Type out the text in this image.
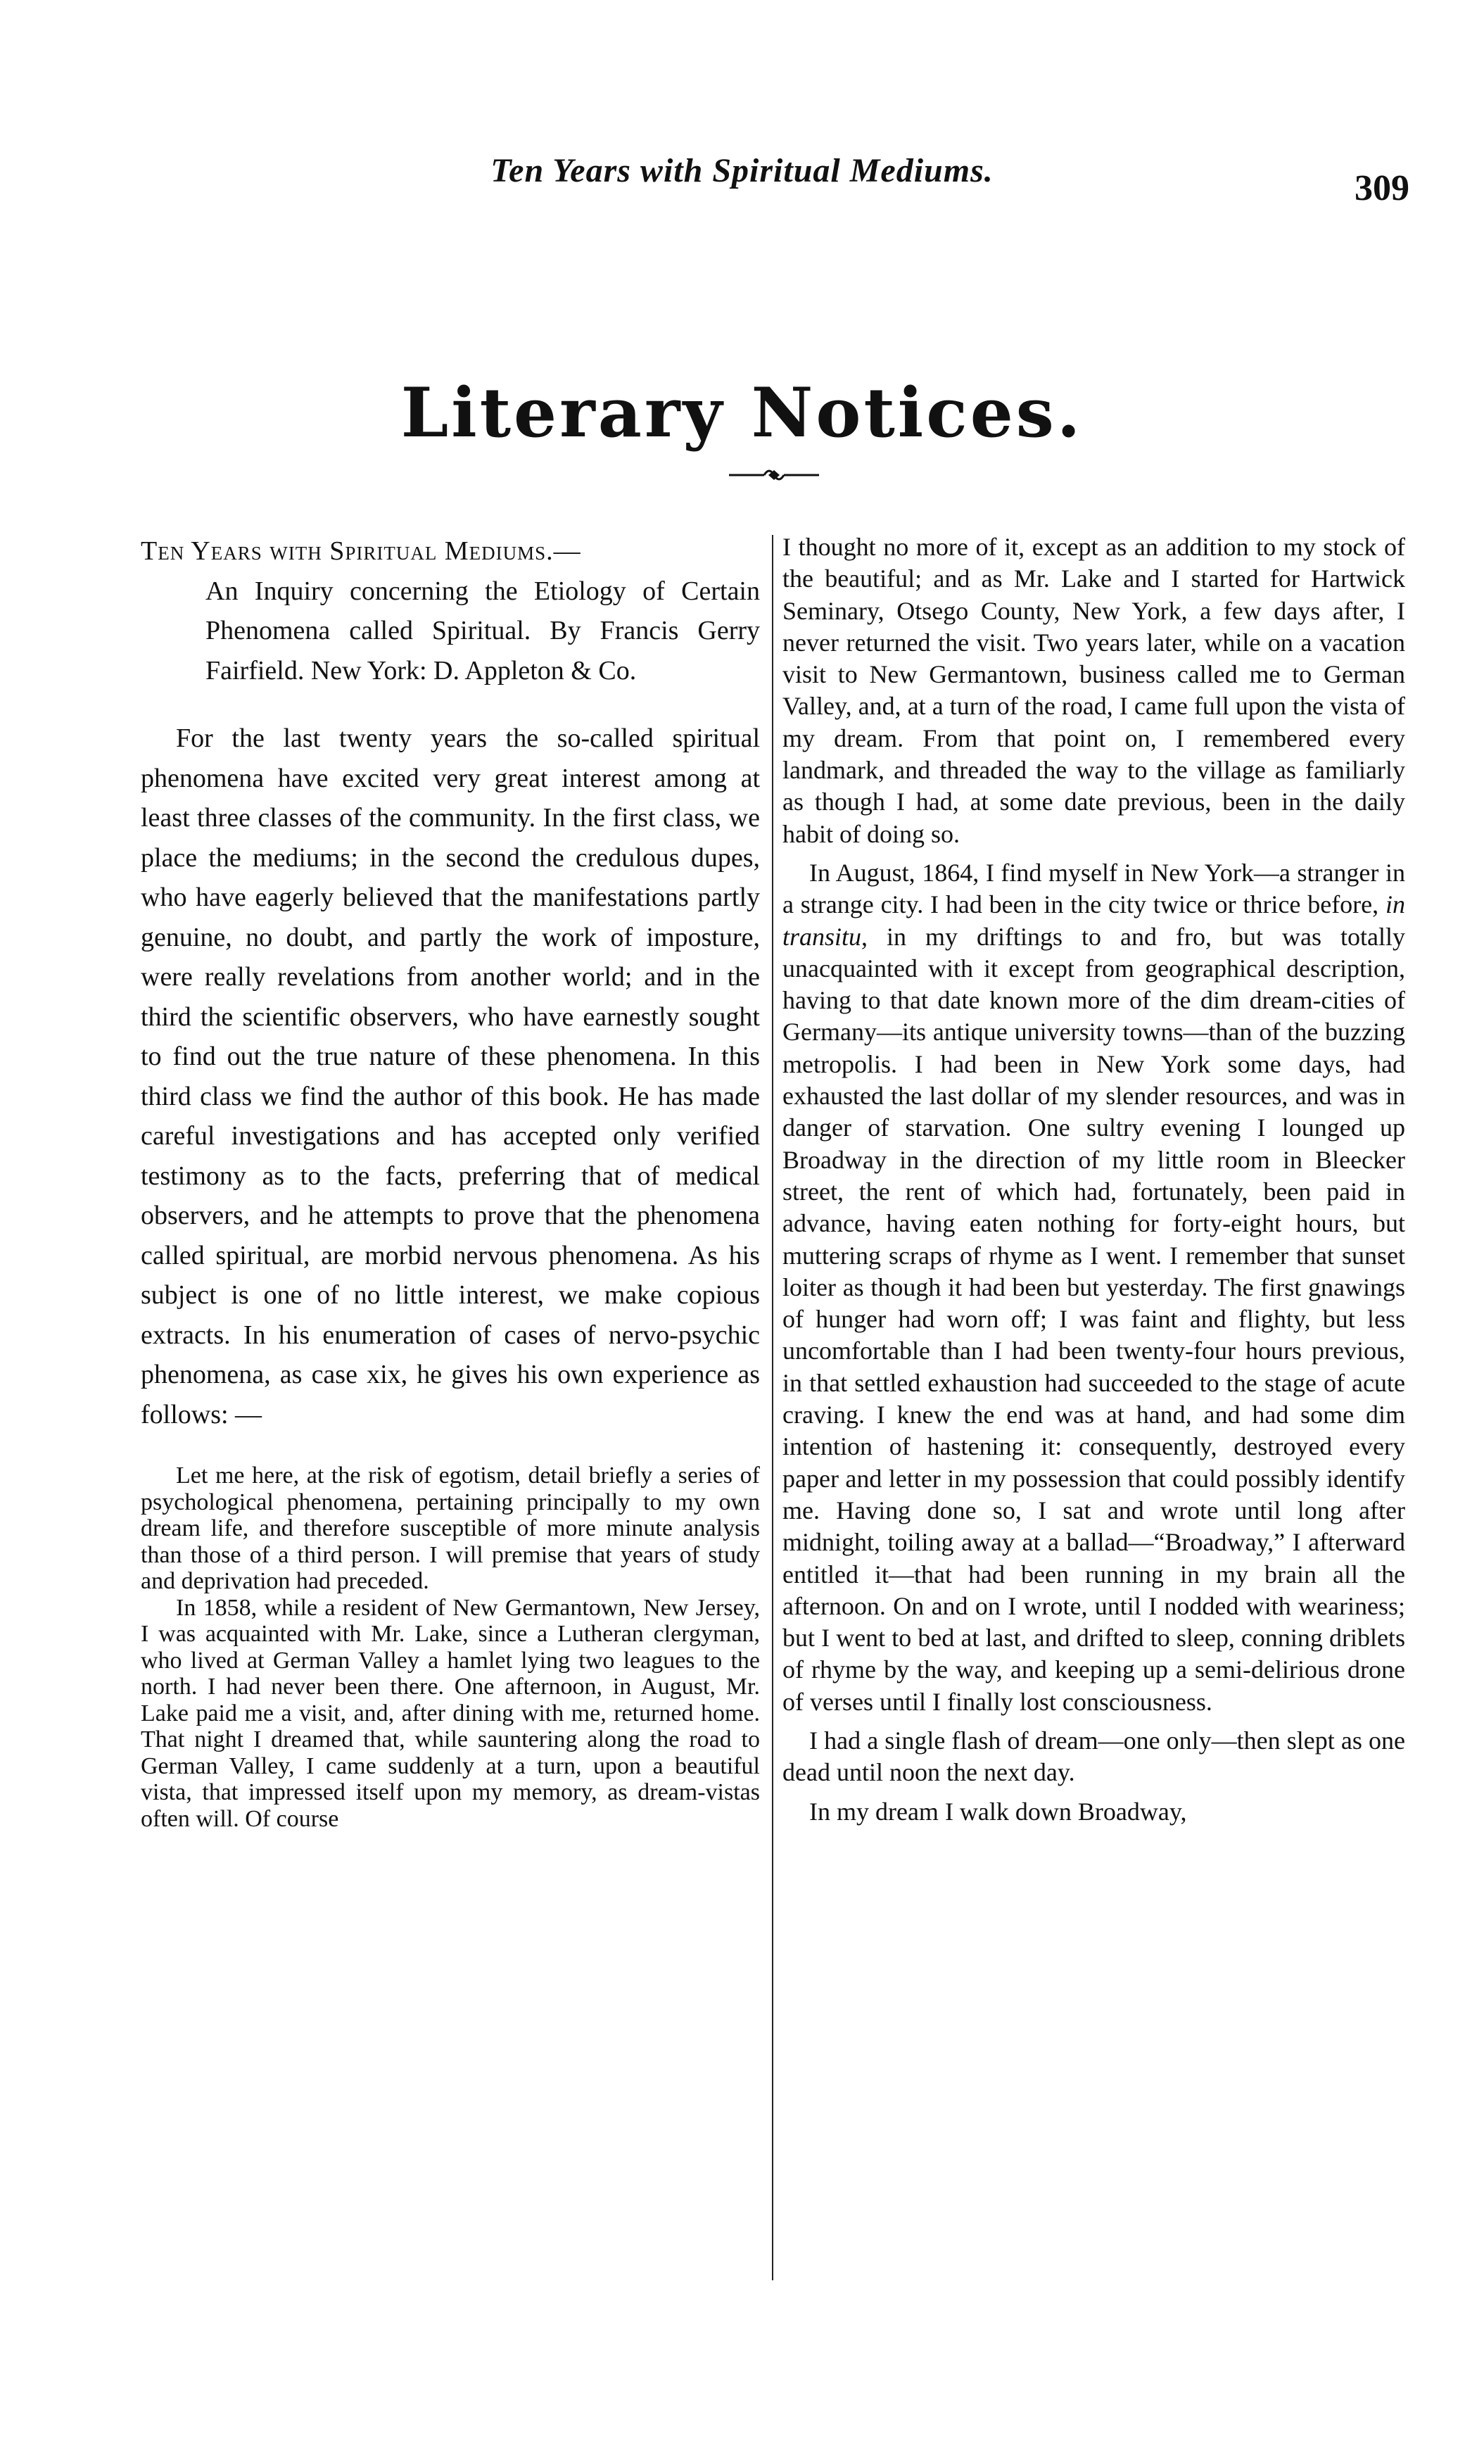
Ten Years with Spiritual Mediums.	309
Literary Notices.
Ten Years with Spiritual Mediums.—
An Inquiry concerning the Etiology of Certain Phenomena called Spiritual. By Francis Gerry Fairfield. New York: D. Appleton & Co.

For the last twenty years the so-called spiritual phenomena have excited very great interest among at least three classes of the community. In the first class, we place the mediums; in the second the credulous dupes, who have eagerly believed that the manifestations partly genuine, no doubt, and partly the work of imposture, were really revelations from another world; and in the third the scientific observers, who have earnestly sought to find out the true nature of these phenomena. In this third class we find the author of this book. He has made careful investigations and has accepted only verified testimony as to the facts, preferring that of medical observers, and he attempts to prove that the phenomena called spiritual, are morbid nervous phenomena. As his subject is one of no little interest, we make copious extracts. In his enumeration of cases of nervo-psychic phenomena, as case xix, he gives his own experience as follows: —

Let me here, at the risk of egotism, detail briefly a series of psychological phenomena, pertaining principally to my own dream life, and therefore susceptible of more minute analysis than those of a third person. I will premise that years of study and deprivation had preceded.

In 1858, while a resident of New Germantown, New Jersey, I was acquainted with Mr. Lake, since a Lutheran clergyman, who lived at German Valley a hamlet lying two leagues to the north. I had never been there. One afternoon, in August, Mr. Lake paid me a visit, and, after dining with me, returned home. That night I dreamed that, while sauntering along the road to German Valley, I came suddenly at a turn, upon a beautiful vista, that impressed itself upon my memory, as dream-vistas often will. Of course

I thought no more of it, except as an addition to my stock of the beautiful; and as Mr. Lake and I started for Hartwick Seminary, Otsego County, New York, a few days after, I never returned the visit. Two years later, while on a vacation visit to New Germantown, business called me to German Valley, and, at a turn of the road, I came full upon the vista of my dream. From that point on, I remembered every landmark, and threaded the way to the village as familiarly as though I had, at some date previous, been in the daily habit of doing so.

In August, 1864, I find myself in New York—a stranger in a strange city. I had been in the city twice or thrice before, in transitu, in my driftings to and fro, but was totally unacquainted with it except from geographical description, having to that date known more of the dim dream-cities of Germany—its antique university towns—than of the buzzing metropolis. I had been in New York some days, had exhausted the last dollar of my slender resources, and was in danger of starvation. One sultry evening I lounged up Broadway in the direction of my little room in Bleecker street, the rent of which had, fortunately, been paid in advance, having eaten nothing for forty-eight hours, but muttering scraps of rhyme as I went. I remember that sunset loiter as though it had been but yesterday. The first gnawings of hunger had worn off; I was faint and flighty, but less uncomfortable than I had been twenty-four hours previous, in that settled exhaustion had succeeded to the stage of acute craving. I knew the end was at hand, and had some dim intention of hastening it: consequently, destroyed every paper and letter in my possession that could possibly identify me. Having done so, I sat and wrote until long after midnight, toiling away at a ballad—“Broadway,” I afterward entitled it—that had been running in my brain all the afternoon. On and on I wrote, until I nodded with weariness; but I went to bed at last, and drifted to sleep, conning driblets of rhyme by the way, and keeping up a semi-delirious drone of verses until I finally lost consciousness.

I had a single flash of dream—one only—then slept as one dead until noon the next day.

In my dream I walk down Broadway,
